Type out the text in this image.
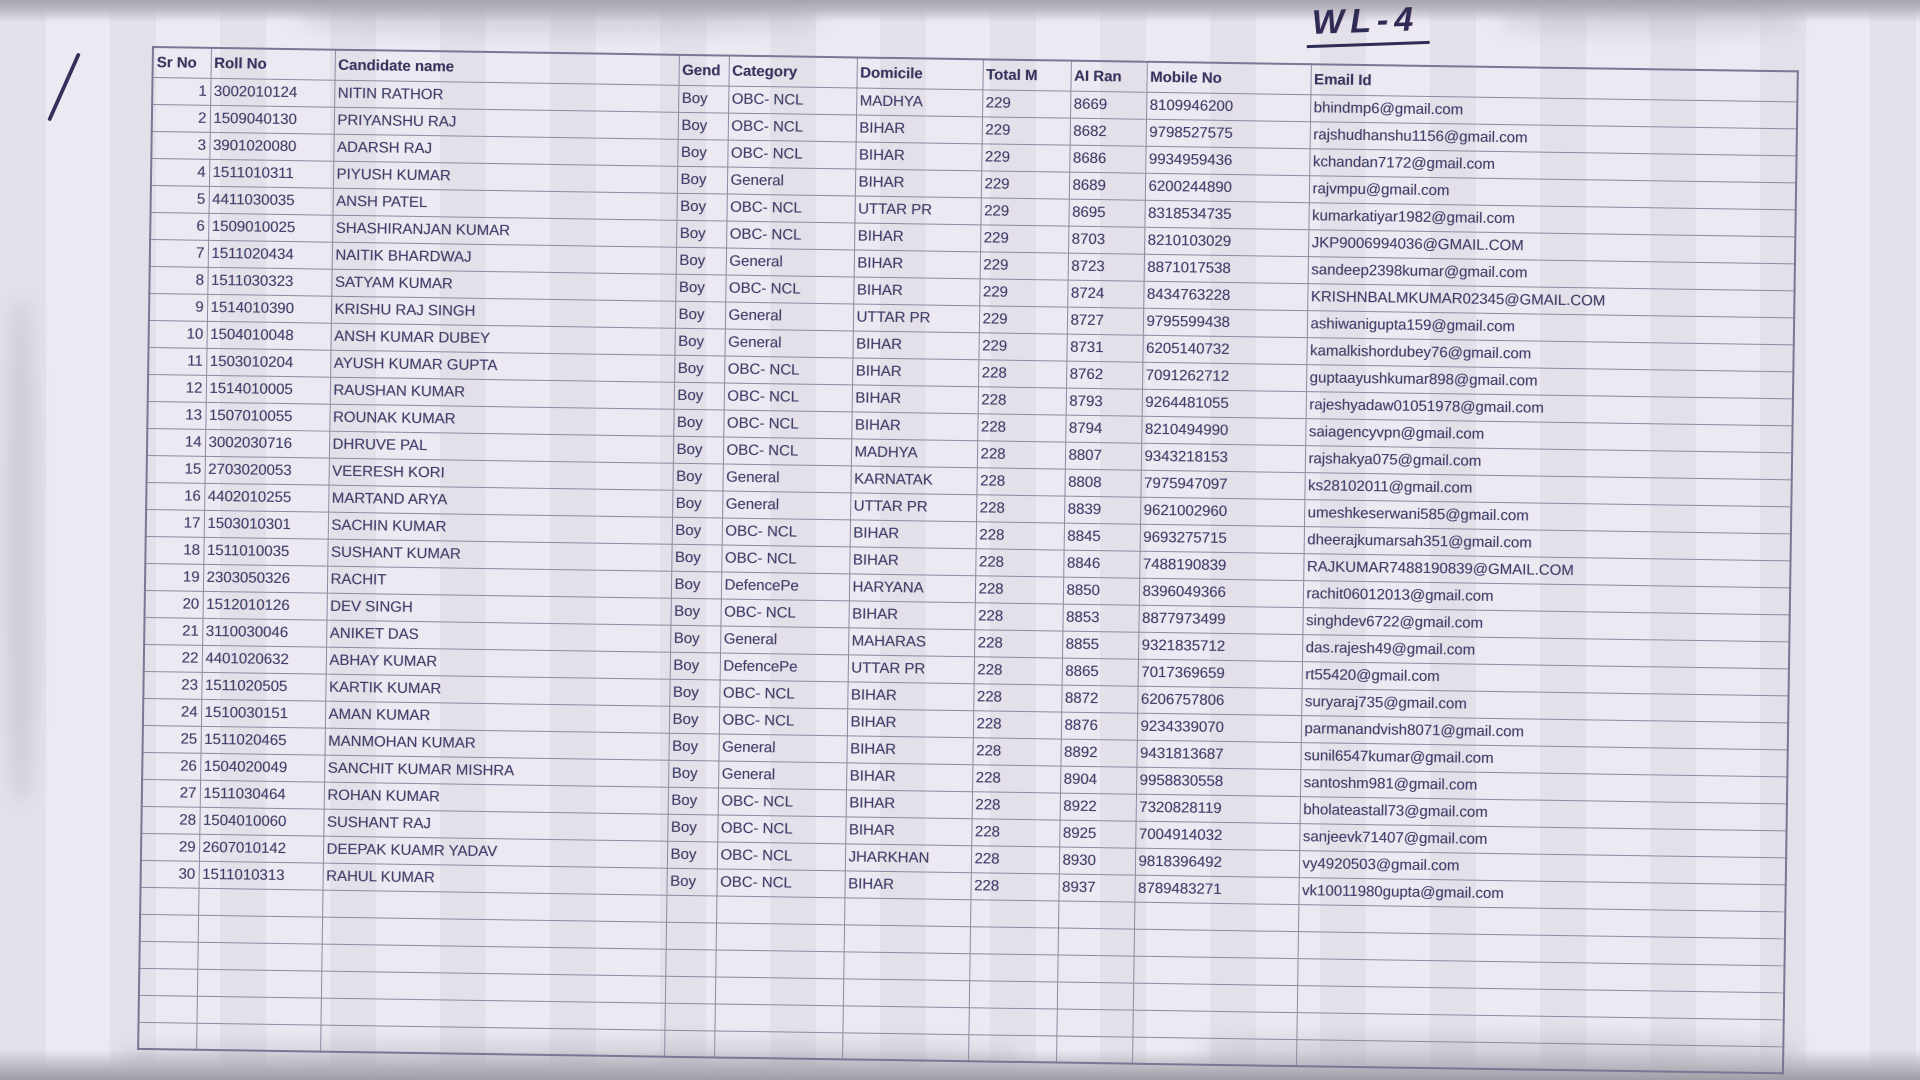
WL-4
Sr No	Roll No	Candidate name	Gend	Category	Domicile	Total M	AI Ran	Mobile No	Email Id
1	3002010124	NITIN RATHOR	Boy	OBC- NCL	MADHYA	229	8669	8109946200	bhindmp6@gmail.com
2	1509040130	PRIYANSHU RAJ	Boy	OBC- NCL	BIHAR	229	8682	9798527575	rajshudhanshu1156@gmail.com
3	3901020080	ADARSH RAJ	Boy	OBC- NCL	BIHAR	229	8686	9934959436	kchandan7172@gmail.com
4	1511010311	PIYUSH KUMAR	Boy	General	BIHAR	229	8689	6200244890	rajvmpu@gmail.com
5	4411030035	ANSH PATEL	Boy	OBC- NCL	UTTAR PR	229	8695	8318534735	kumarkatiyar1982@gmail.com
6	1509010025	SHASHIRANJAN KUMAR	Boy	OBC- NCL	BIHAR	229	8703	8210103029	JKP9006994036@GMAIL.COM
7	1511020434	NAITIK BHARDWAJ	Boy	General	BIHAR	229	8723	8871017538	sandeep2398kumar@gmail.com
8	1511030323	SATYAM KUMAR	Boy	OBC- NCL	BIHAR	229	8724	8434763228	KRISHNBALMKUMAR02345@GMAIL.COM
9	1514010390	KRISHU RAJ SINGH	Boy	General	UTTAR PR	229	8727	9795599438	ashiwanigupta159@gmail.com
10	1504010048	ANSH KUMAR DUBEY	Boy	General	BIHAR	229	8731	6205140732	kamalkishordubey76@gmail.com
11	1503010204	AYUSH KUMAR GUPTA	Boy	OBC- NCL	BIHAR	228	8762	7091262712	guptaayushkumar898@gmail.com
12	1514010005	RAUSHAN KUMAR	Boy	OBC- NCL	BIHAR	228	8793	9264481055	rajeshyadaw01051978@gmail.com
13	1507010055	ROUNAK KUMAR	Boy	OBC- NCL	BIHAR	228	8794	8210494990	saiagencyvpn@gmail.com
14	3002030716	DHRUVE PAL	Boy	OBC- NCL	MADHYA	228	8807	9343218153	rajshakya075@gmail.com
15	2703020053	VEERESH KORI	Boy	General	KARNATAK	228	8808	7975947097	ks28102011@gmail.com
16	4402010255	MARTAND ARYA	Boy	General	UTTAR PR	228	8839	9621002960	umeshkeserwani585@gmail.com
17	1503010301	SACHIN KUMAR	Boy	OBC- NCL	BIHAR	228	8845	9693275715	dheerajkumarsah351@gmail.com
18	1511010035	SUSHANT KUMAR	Boy	OBC- NCL	BIHAR	228	8846	7488190839	RAJKUMAR7488190839@GMAIL.COM
19	2303050326	RACHIT	Boy	DefencePe	HARYANA	228	8850	8396049366	rachit06012013@gmail.com
20	1512010126	DEV SINGH	Boy	OBC- NCL	BIHAR	228	8853	8877973499	singhdev6722@gmail.com
21	3110030046	ANIKET DAS	Boy	General	MAHARAS	228	8855	9321835712	das.rajesh49@gmail.com
22	4401020632	ABHAY KUMAR	Boy	DefencePe	UTTAR PR	228	8865	7017369659	rt55420@gmail.com
23	1511020505	KARTIK KUMAR	Boy	OBC- NCL	BIHAR	228	8872	6206757806	suryaraj735@gmail.com
24	1510030151	AMAN KUMAR	Boy	OBC- NCL	BIHAR	228	8876	9234339070	parmanandvish8071@gmail.com
25	1511020465	MANMOHAN KUMAR	Boy	General	BIHAR	228	8892	9431813687	sunil6547kumar@gmail.com
26	1504020049	SANCHIT KUMAR MISHRA	Boy	General	BIHAR	228	8904	9958830558	santoshm981@gmail.com
27	1511030464	ROHAN KUMAR	Boy	OBC- NCL	BIHAR	228	8922	7320828119	bholateastall73@gmail.com
28	1504010060	SUSHANT RAJ	Boy	OBC- NCL	BIHAR	228	8925	7004914032	sanjeevk71407@gmail.com
29	2607010142	DEEPAK KUAMR YADAV	Boy	OBC- NCL	JHARKHAN	228	8930	9818396492	vy4920503@gmail.com
30	1511010313	RAHUL KUMAR	Boy	OBC- NCL	BIHAR	228	8937	8789483271	vk10011980gupta@gmail.com
